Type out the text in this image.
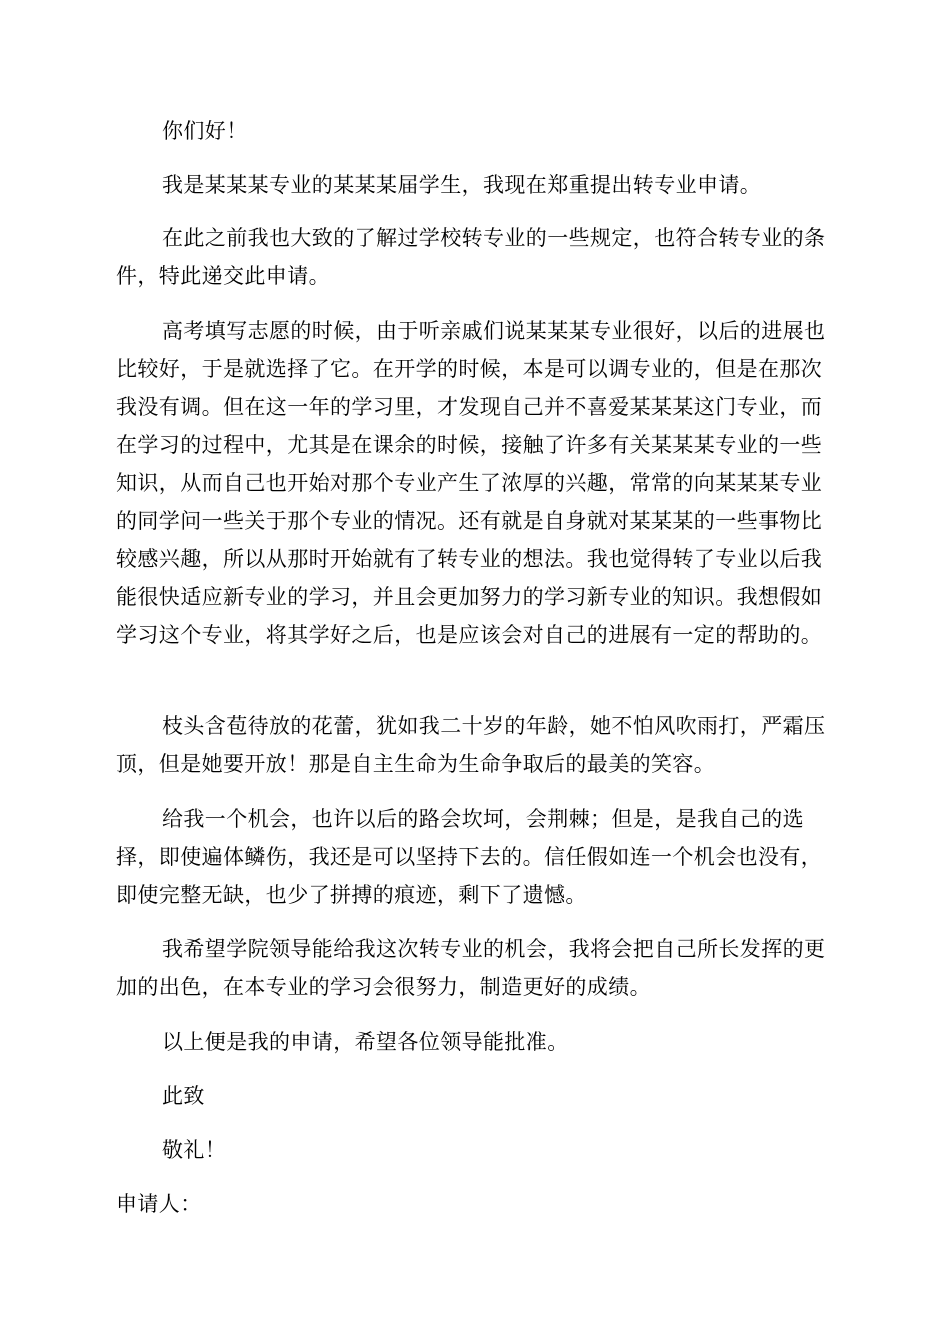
你们好！

我是某某某专业的某某某届学生，我现在郑重提出转专业申请。

在此之前我也大致的了解过学校转专业的一些规定，也符合转专业的条件，特此递交此申请。

高考填写志愿的时候，由于听亲戚们说某某某专业很好，以后的进展也比较好，于是就选择了它。在开学的时候，本是可以调专业的，但是在那次我没有调。但在这一年的学习里，才发现自己并不喜爱某某某这门专业，而在学习的过程中，尤其是在课余的时候，接触了许多有关某某某专业的一些知识，从而自己也开始对那个专业产生了浓厚的兴趣，常常的向某某某专业的同学问一些关于那个专业的情况。还有就是自身就对某某某的一些事物比较感兴趣，所以从那时开始就有了转专业的想法。我也觉得转了专业以后我能很快适应新专业的学习，并且会更加努力的学习新专业的知识。我想假如学习这个专业，将其学好之后，也是应该会对自己的进展有一定的帮助的。

枝头含苞待放的花蕾，犹如我二十岁的年龄，她不怕风吹雨打，严霜压顶，但是她要开放！那是自主生命为生命争取后的最美的笑容。

给我一个机会，也许以后的路会坎坷，会荆棘；但是，是我自己的选择，即使遍体鳞伤，我还是可以坚持下去的。信任假如连一个机会也没有，即使完整无缺，也少了拼搏的痕迹，剩下了遗憾。

我希望学院领导能给我这次转专业的机会，我将会把自己所长发挥的更加的出色，在本专业的学习会很努力，制造更好的成绩。

以上便是我的申请，希望各位领导能批准。

此致

敬礼！

申请人：
